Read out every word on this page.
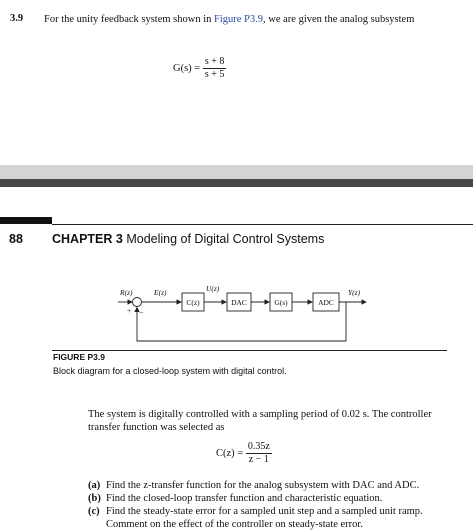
3.9 For the unity feedback system shown in Figure P3.9, we are given the analog subsystem
$G(s) = \frac{s + 8}{s + 5}$
88 CHAPTER 3 Modeling of Digital Control Systems
R(z)	E(z)	U(z)	Y(z)
+ −
C(z)	DAC	G(s)	ADC
FIGURE P3.9
Block diagram for a closed-loop system with digital control.
The system is digitally controlled with a sampling period of 0.02 s. The controller transfer function was selected as
$C(z) = \frac{0.35z}{z - 1}$
(a) Find the z-transfer function for the analog subsystem with DAC and ADC.
(b) Find the closed-loop transfer function and characteristic equation.
(c) Find the steady-state error for a sampled unit step and a sampled unit ramp. Comment on the effect of the controller on steady-state error.
